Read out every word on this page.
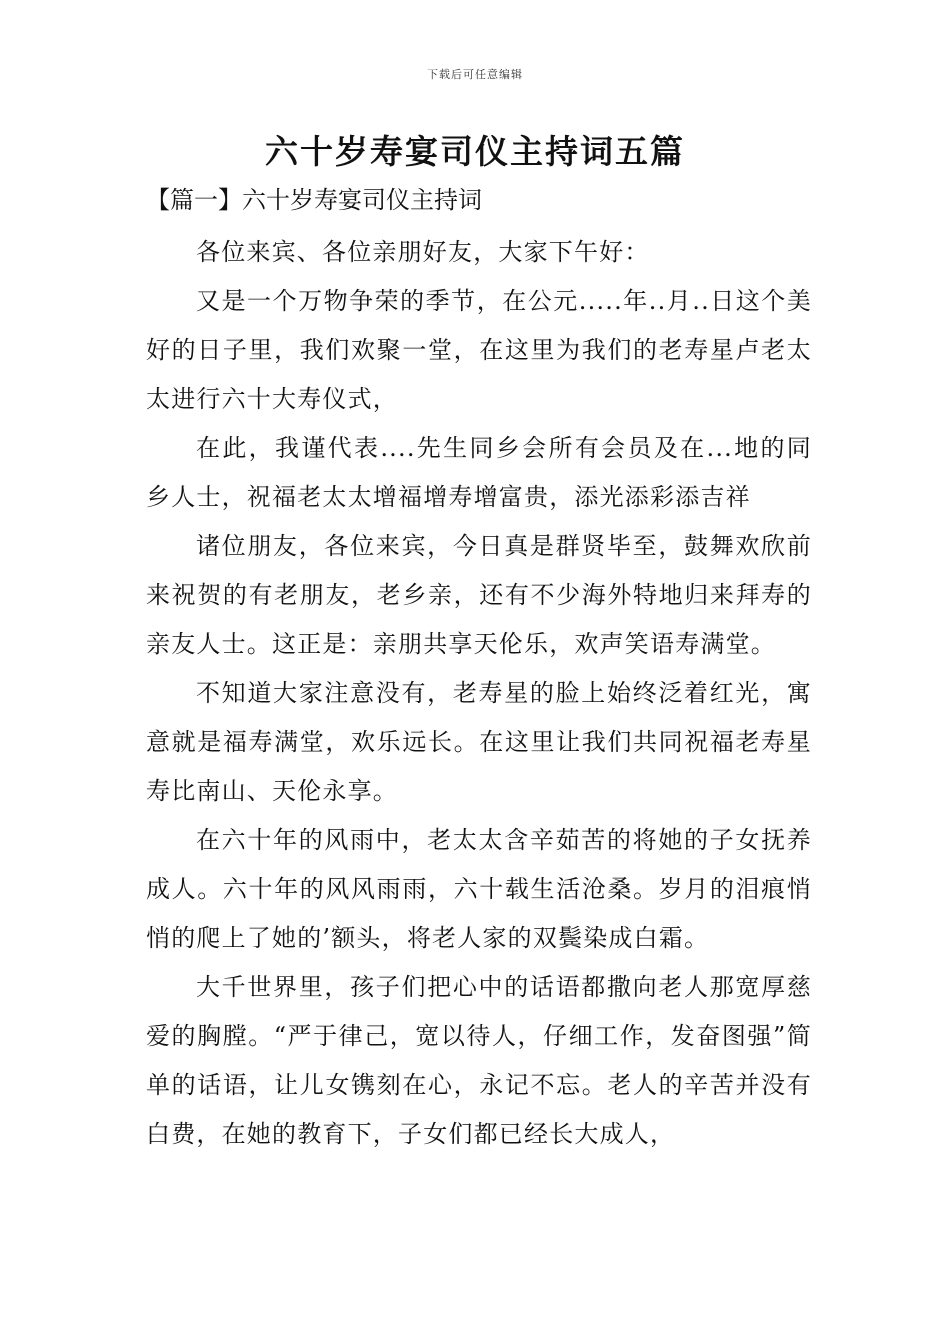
下载后可任意编辑
六十岁寿宴司仪主持词五篇
【篇一】六十岁寿宴司仪主持词

各位来宾、各位亲朋好友，大家下午好：

又是一个万物争荣的季节，在公元.....年..月..日这个美好的日子里，我们欢聚一堂，在这里为我们的老寿星卢老太太进行六十大寿仪式，

在此，我谨代表....先生同乡会所有会员及在...地的同乡人士，祝福老太太增福增寿增富贵，添光添彩添吉祥

诸位朋友，各位来宾，今日真是群贤毕至，鼓舞欢欣前来祝贺的有老朋友，老乡亲，还有不少海外特地归来拜寿的亲友人士。这正是：亲朋共享天伦乐，欢声笑语寿满堂。

不知道大家注意没有，老寿星的脸上始终泛着红光，寓意就是福寿满堂，欢乐远长。在这里让我们共同祝福老寿星寿比南山、天伦永享。

在六十年的风雨中，老太太含辛茹苦的将她的子女抚养成人。六十年的风风雨雨，六十载生活沧桑。岁月的泪痕悄悄的爬上了她的’额头，将老人家的双鬓染成白霜。

大千世界里，孩子们把心中的话语都撒向老人那宽厚慈爱的胸膛。“严于律己，宽以待人，仔细工作，发奋图强”简单的话语，让儿女镌刻在心，永记不忘。老人的辛苦并没有白费，在她的教育下，子女们都已经长大成人，
